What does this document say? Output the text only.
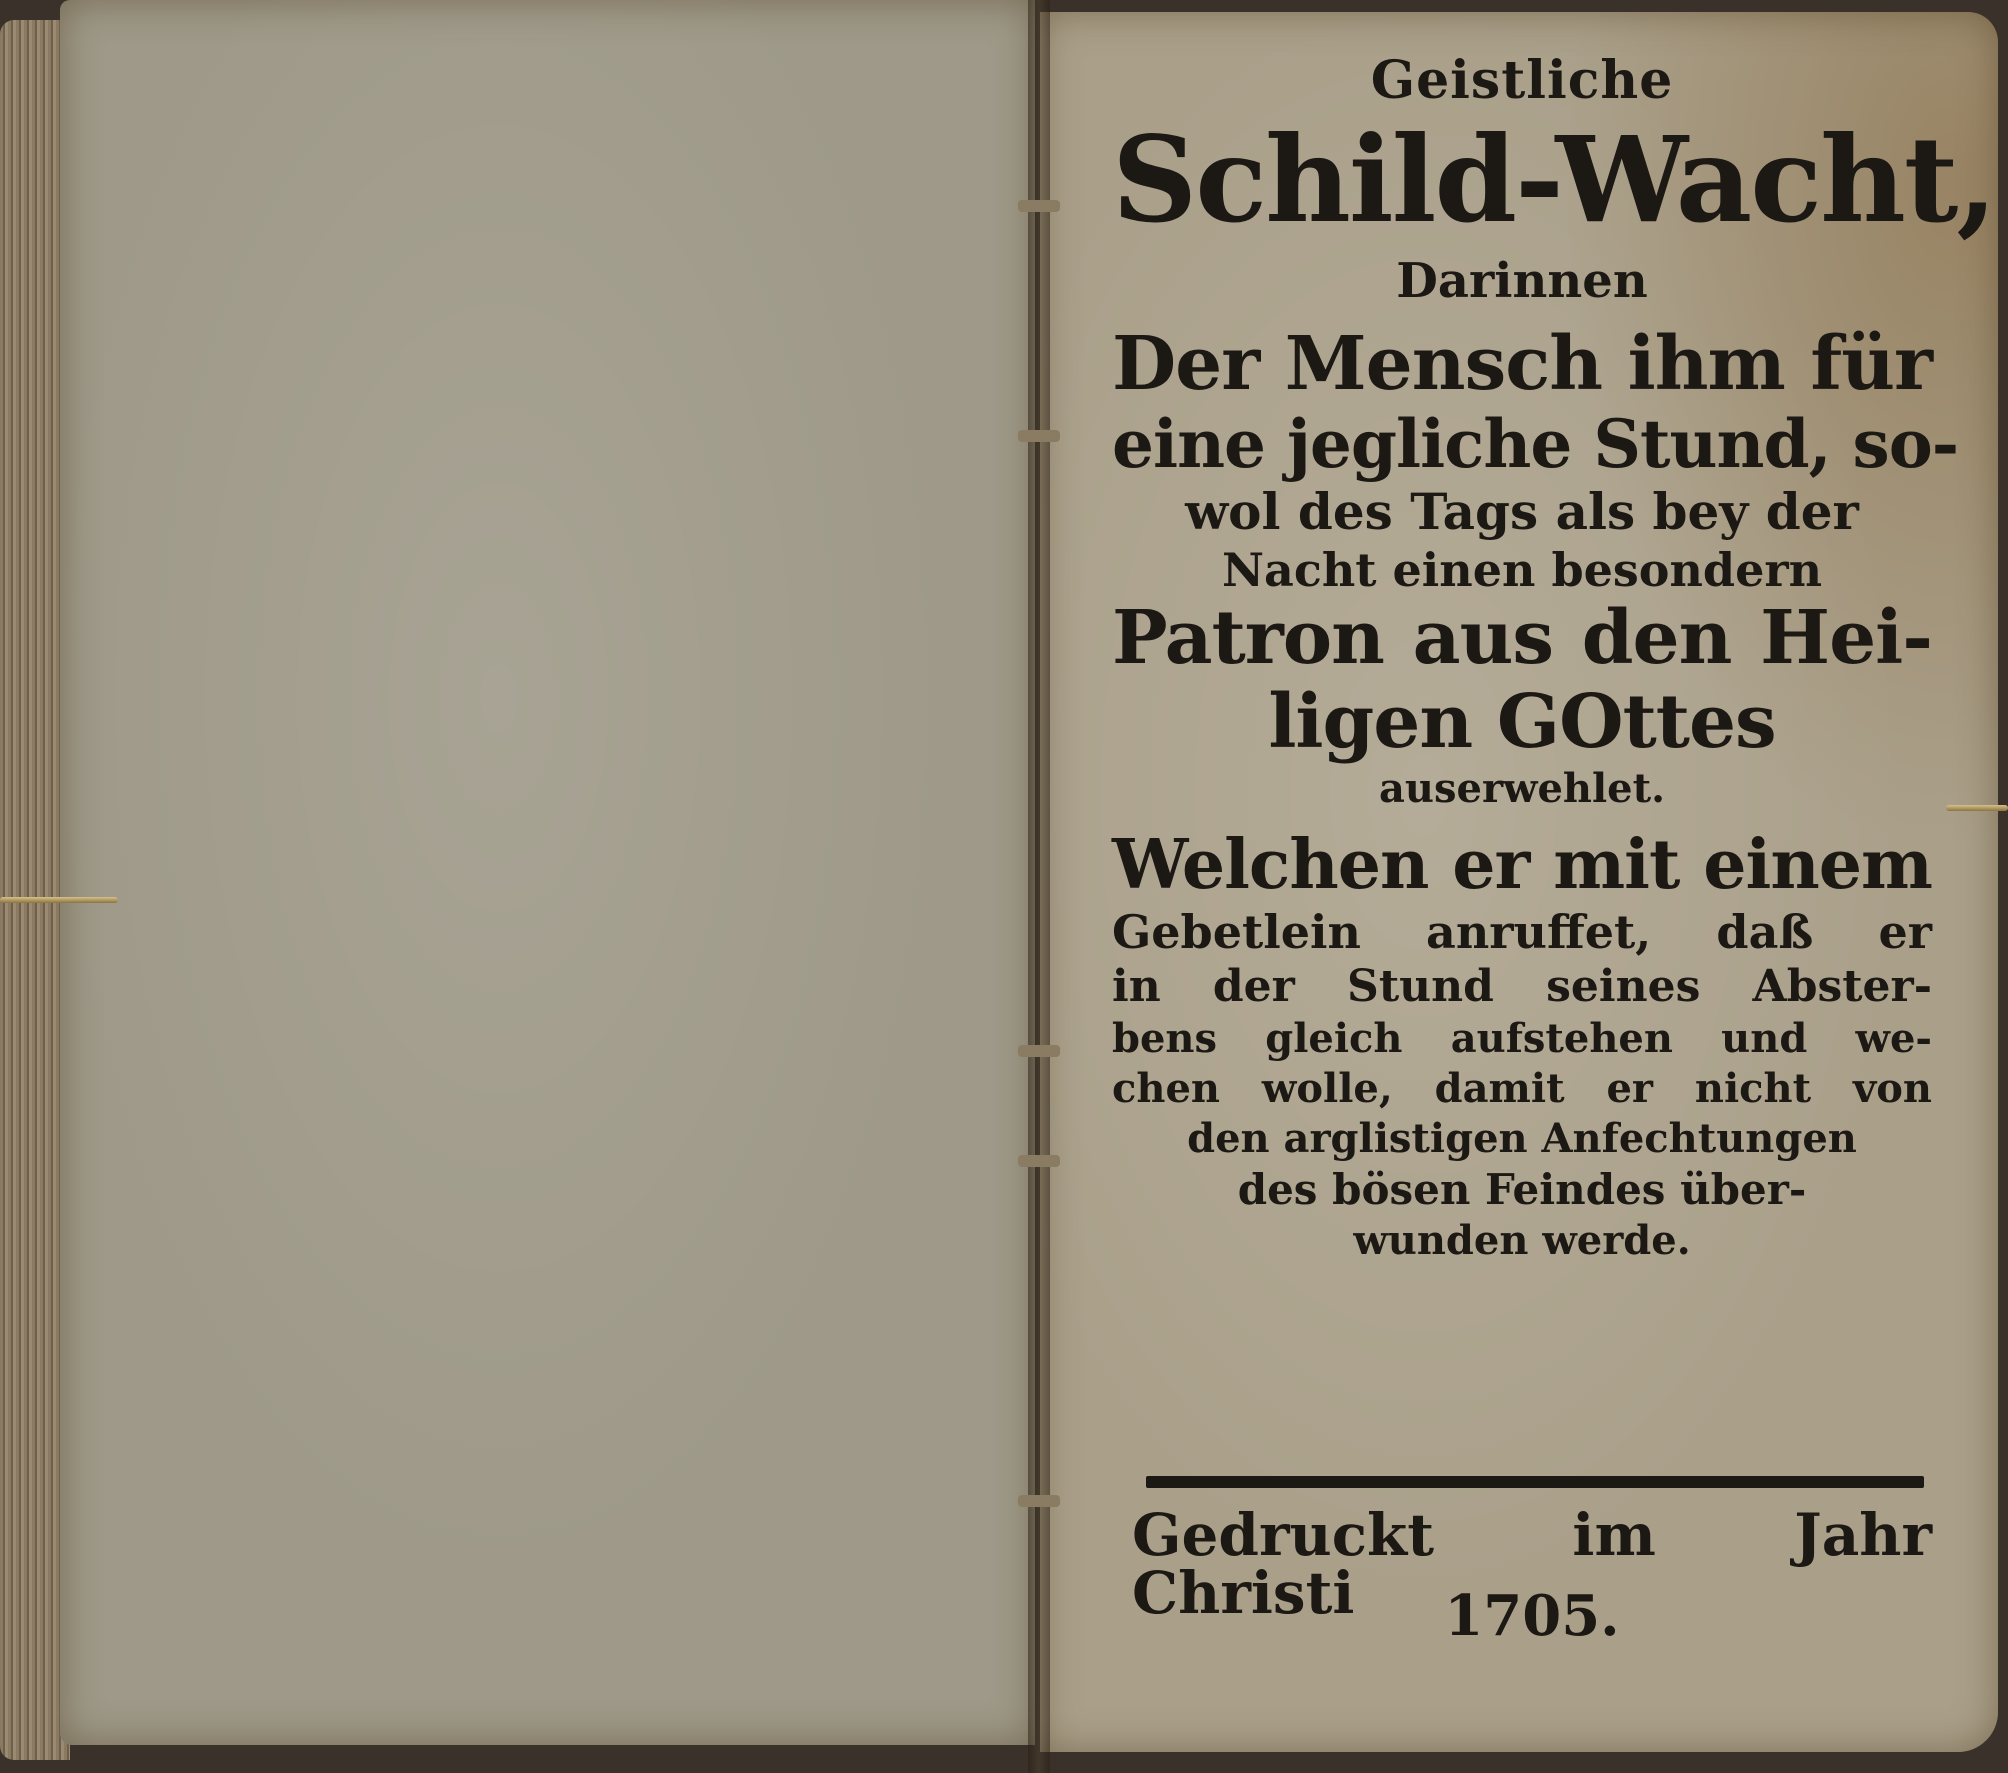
Geistliche
Schild-Wacht,
Darinnen
Der Mensch ihm für
eine jegliche Stund, so-
wol des Tags als bey der
Nacht einen besondern
Patron aus den Hei-
ligen GOttes
auserwehlet.
Welchen er mit einem
Gebetlein anruffet, daß er
in der Stund seines Abster-
bens gleich aufstehen und we-
chen wolle, damit er nicht von
den arglistigen Anfechtungen
des bösen Feindes über-
wunden werde.
Gedruckt im Jahr Christi	1705.
